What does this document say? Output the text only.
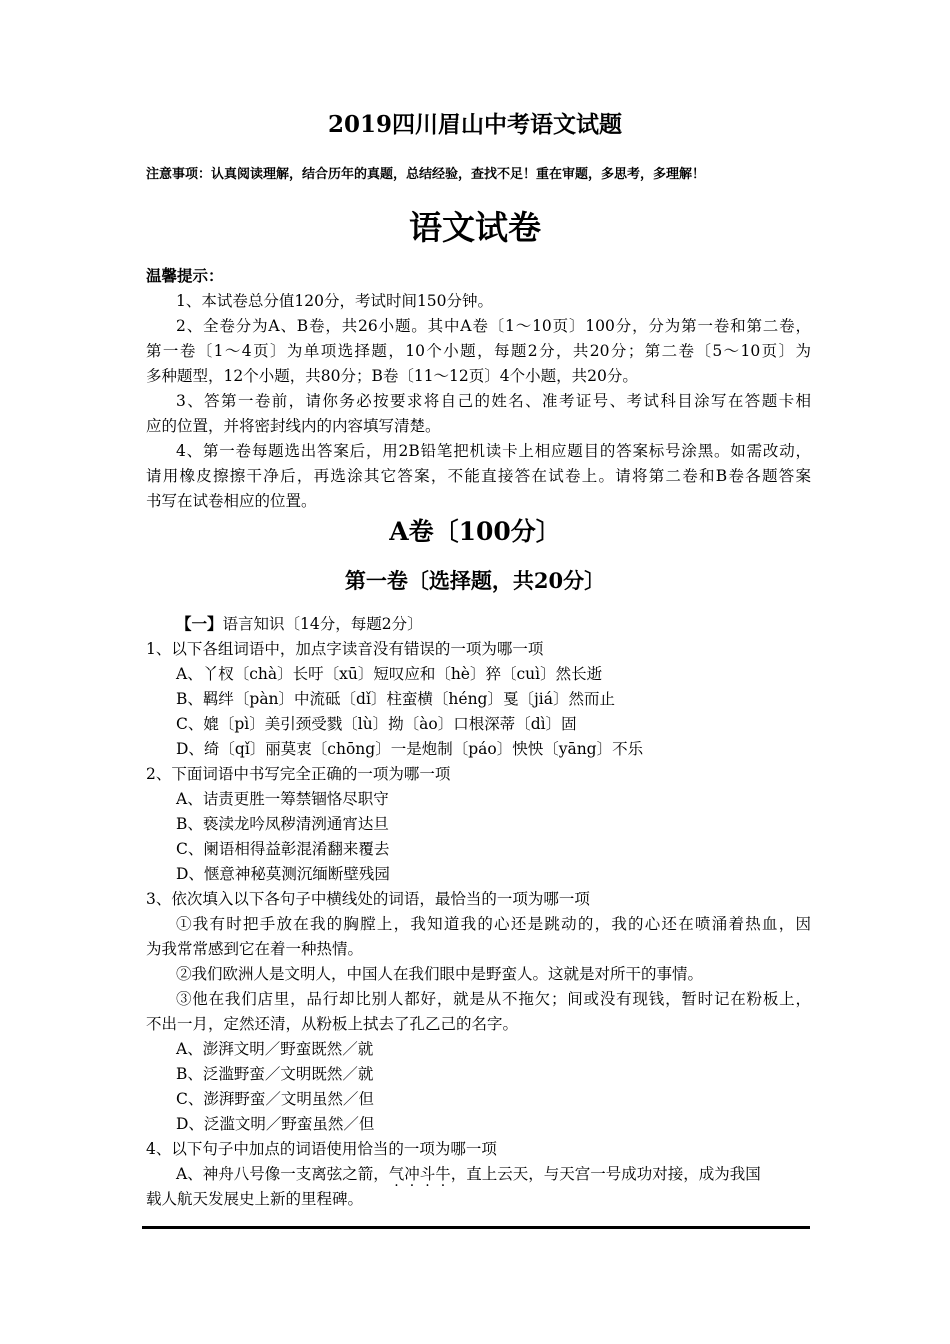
2019四川眉山中考语文试题
注意事项：认真阅读理解，结合历年的真题，总结经验，查找不足！重在审题，多思考，多理解！
语文试卷
温馨提示：
1、本试卷总分值120分，考试时间150分钟。
2、全卷分为A、B卷，共26小题。其中A卷〔1～10页〕100分，分为第一卷和第二卷，
第一卷〔1～4页〕为单项选择题，10个小题，每题2分，共20分；第二卷〔5～10页〕为
多种题型，12个小题，共80分；B卷〔11～12页〕4个小题，共20分。
3、答第一卷前，请你务必按要求将自己的姓名、准考证号、考试科目涂写在答题卡相
应的位置，并将密封线内的内容填写清楚。
4、第一卷每题选出答案后，用2B铅笔把机读卡上相应题目的答案标号涂黑。如需改动，
请用橡皮擦擦干净后，再选涂其它答案，不能直接答在试卷上。请将第二卷和B卷各题答案
书写在试卷相应的位置。
A卷〔100分〕
第一卷〔选择题，共20分〕
【一】语言知识〔14分，每题2分〕
1、以下各组词语中，加点字读音没有错误的一项为哪一项
A、丫杈〔chà〕长吁〔xū〕短叹应和〔hè〕猝〔cuì〕然长逝
B、羁绊〔pàn〕中流砥〔dǐ〕柱蛮横〔héng〕戛〔jiá〕然而止
C、媲〔pì〕美引颈受戮〔lù〕拗〔ào〕口根深蒂〔dì〕固
D、绮〔qǐ〕丽莫衷〔chōng〕一是炮制〔páo〕怏怏〔yāng〕不乐
2、下面词语中书写完全正确的一项为哪一项
A、诘责更胜一筹禁锢恪尽职守
B、亵渎龙吟凤秽清洌通宵达旦
C、阑语相得益彰混淆翻来覆去
D、惬意神秘莫测沉缅断壁残园
3、依次填入以下各句子中横线处的词语，最恰当的一项为哪一项
①我有时把手放在我的胸膛上，我知道我的心还是跳动的，我的心还在喷涌着热血，因
为我常常感到它在着一种热情。
②我们欧洲人是文明人，中国人在我们眼中是野蛮人。这就是对所干的事情。
③他在我们店里，品行却比别人都好，就是从不拖欠；间或没有现钱，暂时记在粉板上，
不出一月，定然还清，从粉板上拭去了孔乙己的名字。
A、澎湃文明／野蛮既然／就
B、泛滥野蛮／文明既然／就
C、澎湃野蛮／文明虽然／但
D、泛滥文明／野蛮虽然／但
4、以下句子中加点的词语使用恰当的一项为哪一项
A、神舟八号像一支离弦之箭，气冲斗牛，直上云天，与天宫一号成功对接，成为我国
载人航天发展史上新的里程碑。
